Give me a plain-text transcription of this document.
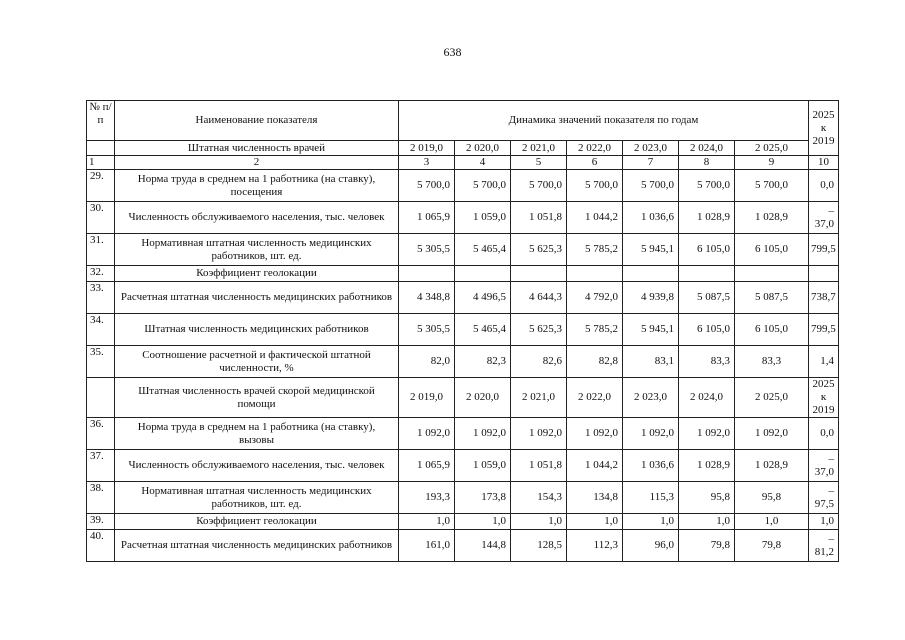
638
№ п/п	Наименование показателя	Динамика значений показателя по годам							2025 к 2019
	Штатная численность врачей	2 019,0	2 020,0	2 021,0	2 022,0	2 023,0	2 024,0	2 025,0	
1	2	3	4	5	6	7	8	9	10
29.	Норма труда в среднем на 1 работника (на ставку), посещения	5 700,0	5 700,0	5 700,0	5 700,0	5 700,0	5 700,0	5 700,0	0,0
30.	Численность обслуживаемого населения, тыс. человек	1 065,9	1 059,0	1 051,8	1 044,2	1 036,6	1 028,9	1 028,9	–37,0
31.	Нормативная штатная численность медицинских работников, шт. ед.	5 305,5	5 465,4	5 625,3	5 785,2	5 945,1	6 105,0	6 105,0	799,5
32.	Коэффициент геолокации								
33.	Расчетная штатная численность медицинских работников	4 348,8	4 496,5	4 644,3	4 792,0	4 939,8	5 087,5	5 087,5	738,7
34.	Штатная численность медицинских работников	5 305,5	5 465,4	5 625,3	5 785,2	5 945,1	6 105,0	6 105,0	799,5
35.	Соотношение расчетной и фактической штатной численности, %	82,0	82,3	82,6	82,8	83,1	83,3	83,3	1,4
	Штатная численность врачей скорой медицинской помощи	2 019,0	2 020,0	2 021,0	2 022,0	2 023,0	2 024,0	2 025,0	2025 к 2019
36.	Норма труда в среднем на 1 работника (на ставку), вызовы	1 092,0	1 092,0	1 092,0	1 092,0	1 092,0	1 092,0	1 092,0	0,0
37.	Численность обслуживаемого населения, тыс. человек	1 065,9	1 059,0	1 051,8	1 044,2	1 036,6	1 028,9	1 028,9	–37,0
38.	Нормативная штатная численность медицинских работников, шт. ед.	193,3	173,8	154,3	134,8	115,3	95,8	95,8	–97,5
39.	Коэффициент геолокации	1,0	1,0	1,0	1,0	1,0	1,0	1,0	1,0
40.	Расчетная штатная численность медицинских работников	161,0	144,8	128,5	112,3	96,0	79,8	79,8	–81,2
